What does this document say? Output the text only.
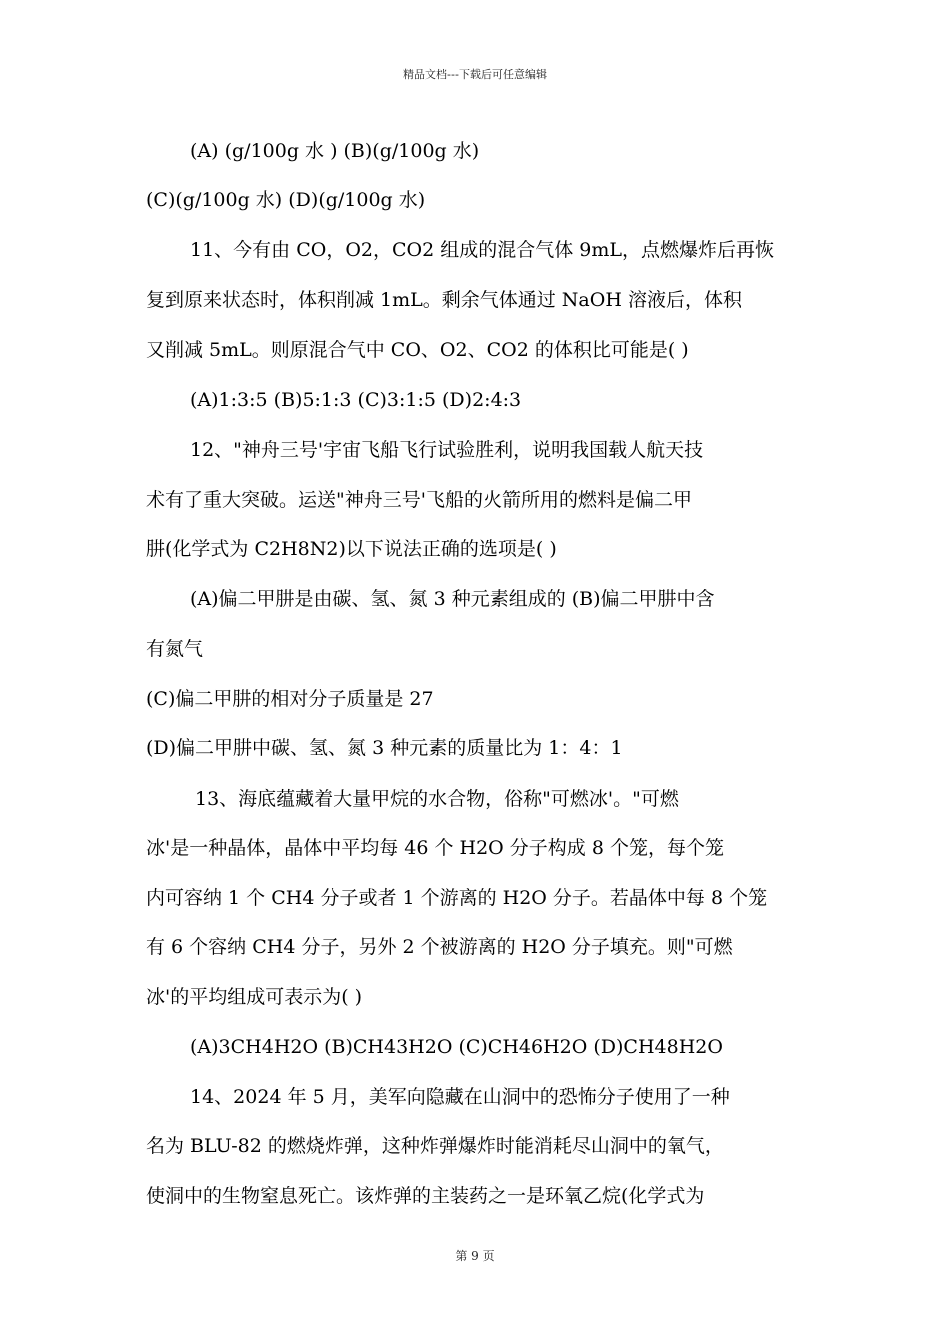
精品文档---下载后可任意编辑
(A) (g/100g 水 ) (B)(g/100g 水)
(C)(g/100g 水) (D)(g/100g 水)
11、今有由 CO，O2，CO2 组成的混合气体 9mL，点燃爆炸后再恢
复到原来状态时，体积削减 1mL。剩余气体通过 NaOH 溶液后，体积
又削减 5mL。则原混合气中 CO、O2、CO2 的体积比可能是( )
(A)1:3:5 (B)5:1:3 (C)3:1:5 (D)2:4:3
12、"神舟三号'宇宙飞船飞行试验胜利，说明我国载人航天技
术有了重大突破。运送"神舟三号'飞船的火箭所用的燃料是偏二甲
肼(化学式为 C2H8N2)以下说法正确的选项是( )
(A)偏二甲肼是由碳、氢、氮 3 种元素组成的 (B)偏二甲肼中含
有氮气
(C)偏二甲肼的相对分子质量是 27
(D)偏二甲肼中碳、氢、氮 3 种元素的质量比为 1：4：1
13、海底蕴藏着大量甲烷的水合物，俗称"可燃冰'。"可燃
冰'是一种晶体，晶体中平均每 46 个 H2O 分子构成 8 个笼，每个笼
内可容纳 1 个 CH4 分子或者 1 个游离的 H2O 分子。若晶体中每 8 个笼
有 6 个容纳 CH4 分子，另外 2 个被游离的 H2O 分子填充。则"可燃
冰'的平均组成可表示为( )
(A)3CH4H2O (B)CH43H2O (C)CH46H2O (D)CH48H2O
14、2024 年 5 月，美军向隐藏在山洞中的恐怖分子使用了一种
名为 BLU-82 的燃烧炸弹，这种炸弹爆炸时能消耗尽山洞中的氧气，
使洞中的生物窒息死亡。该炸弹的主装药之一是环氧乙烷(化学式为
第 9 页
